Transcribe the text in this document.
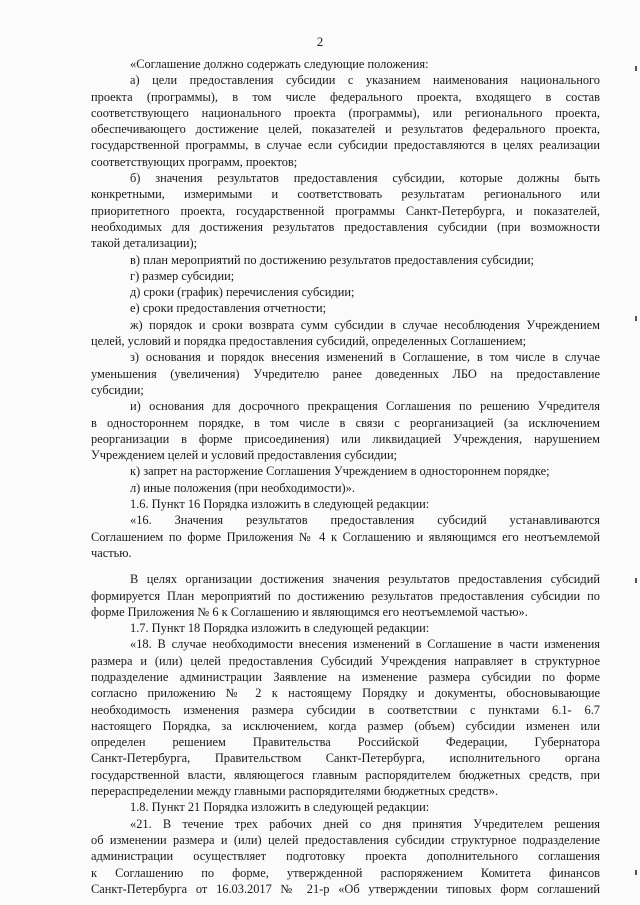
2
«Соглашение должно содержать следующие положения:
а) цели предоставления субсидии с указанием наименования национального
проекта (программы), в том числе федерального проекта, входящего в состав
соответствующего национального проекта (программы), или регионального проекта,
обеспечивающего достижение целей, показателей и результатов федерального проекта,
государственной программы, в случае если субсидии предоставляются в целях реализации
соответствующих программ, проектов;
б) значения результатов предоставления субсидии, которые должны быть
конкретными, измеримыми и соответствовать результатам регионального или
приоритетного проекта, государственной программы Санкт-Петербурга, и показателей,
необходимых для достижения результатов предоставления субсидии (при возможности
такой детализации);
в) план мероприятий по достижению результатов предоставления субсидии;
г) размер субсидии;
д) сроки (график) перечисления субсидии;
е) сроки предоставления отчетности;
ж) порядок и сроки возврата сумм субсидии в случае несоблюдения Учреждением
целей, условий и порядка предоставления субсидий, определенных Соглашением;
з) основания и порядок внесения изменений в Соглашение, в том числе в случае
уменьшения (увеличения) Учредителю ранее доведенных ЛБО на предоставление
субсидии;
и) основания для досрочного прекращения Соглашения по решению Учредителя
в одностороннем порядке, в том числе в связи с реорганизацией (за исключением
реорганизации в форме присоединения) или ликвидацией Учреждения, нарушением
Учреждением целей и условий предоставления субсидии;
к) запрет на расторжение Соглашения Учреждением в одностороннем порядке;
л) иные положения (при необходимости)».
1.6. Пункт 16 Порядка изложить в следующей редакции:
«16. Значения результатов предоставления субсидий устанавливаются
Соглашением по форме Приложения № 4 к Соглашению и являющимся его неотъемлемой
частью.
В целях организации достижения значения результатов предоставления субсидий
формируется План мероприятий по достижению результатов предоставления субсидии по
форме Приложения № 6 к Соглашению и являющимся его неотъемлемой частью».
1.7. Пункт 18 Порядка изложить в следующей редакции:
«18. В случае необходимости внесения изменений в Соглашение в части изменения
размера и (или) целей предоставления Субсидий Учреждения направляет в структурное
подразделение администрации Заявление на изменение размера субсидии по форме
согласно приложению № 2 к настоящему Порядку и документы, обосновывающие
необходимость изменения размера субсидии в соответствии с пунктами 6.1- 6.7
настоящего Порядка, за исключением, когда размер (объем) субсидии изменен или
определен решением Правительства Российской Федерации, Губернатора
Санкт-Петербурга, Правительством Санкт-Петербурга, исполнительного органа
государственной власти, являющегося главным распорядителем бюджетных средств, при
перераспределении между главными распорядителями бюджетных средств».
1.8. Пункт 21 Порядка изложить в следующей редакции:
«21. В течение трех рабочих дней со дня принятия Учредителем решения
об изменении размера и (или) целей предоставления субсидии структурное подразделение
администрации осуществляет подготовку проекта дополнительного соглашения
к Соглашению по форме, утвержденной распоряжением Комитета финансов
Санкт-Петербурга от 16.03.2017 № 21-р «Об утверждении типовых форм соглашений
